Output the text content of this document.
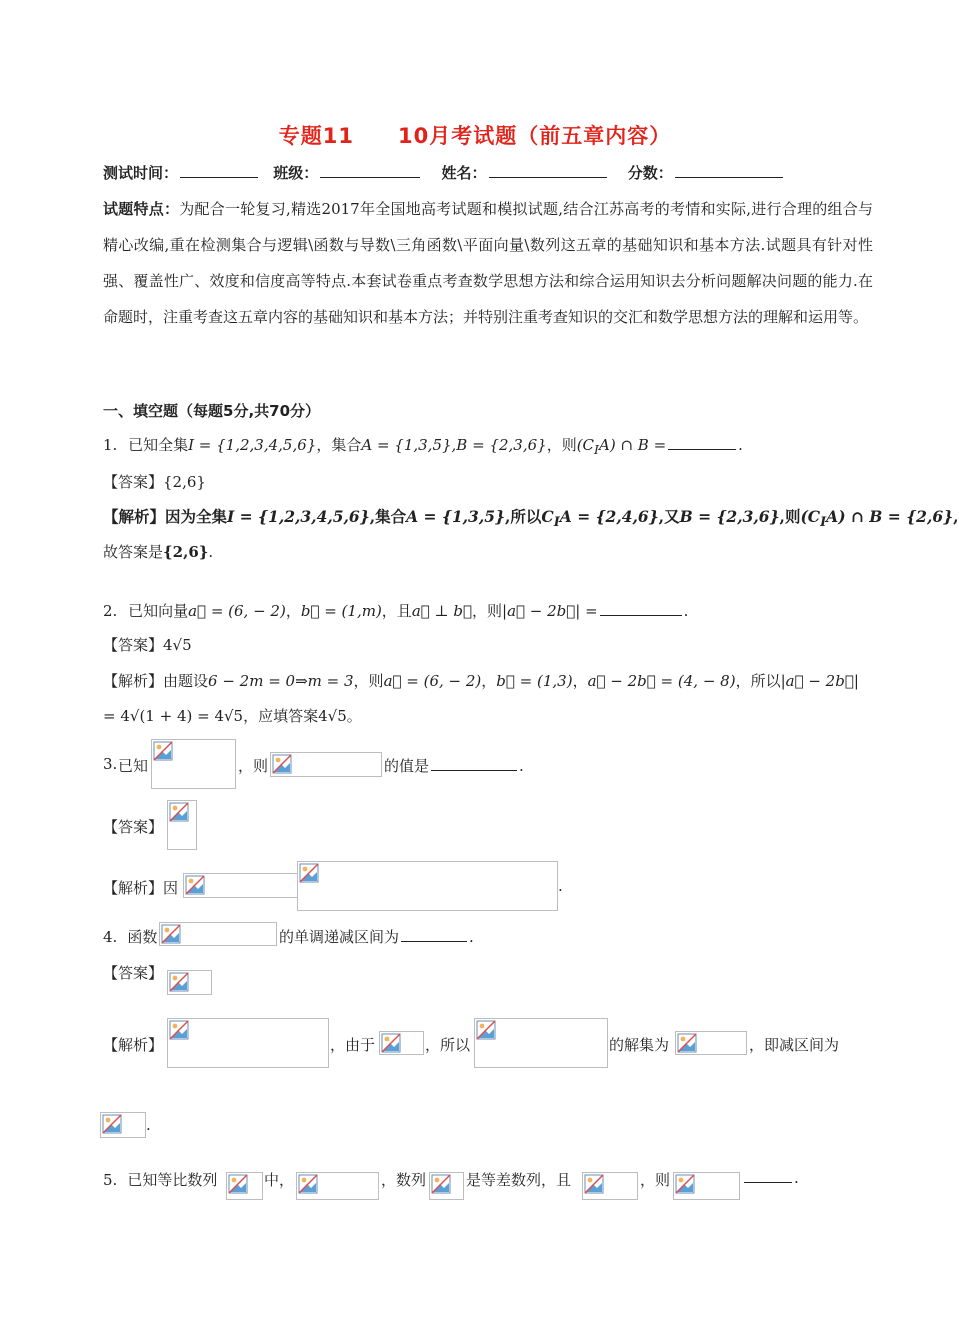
专题11　　10月考试题（前五章内容）
测试时间：	班级：	姓名：	分数：
试题特点：为配合一轮复习,精选2017年全国地高考试题和模拟试题,结合江苏高考的考情和实际,进行合理的组合与精心改编,重在检测集合与逻辑\函数与导数\三角函数\平面向量\数列这五章的基础知识和基本方法.试题具有针对性强、覆盖性广、效度和信度高等特点.本套试卷重点考查数学思想方法和综合运用知识去分析问题解决问题的能力.在命题时，注重考查这五章内容的基础知识和基本方法；并特别注重考查知识的交汇和数学思想方法的理解和运用等。
一、填空题（每题5分,共70分）
1. 已知全集I = {1,2,3,4,5,6}，集合A = {1,3,5},B = {2,3,6}，则$(C_IA)$ ∩ B =	.
【答案】{2,6}
【解析】因为全集I = {1,2,3,4,5,6},集合A = {1,3,5},所以$C_IA = \{2,4,6\}$,又B = {2,3,6},则$(C_IA)$ ∩ B = {2,6},
故答案是{2,6}.
2. 已知向量a⃗ = (6, − 2)，b⃗ = (1,m)，且a⃗ ⊥ b⃗，则|a⃗ − 2b⃗| =	.
【答案】4√5
【解析】由题设6 − 2m = 0⇒m = 3，则a⃗ = (6, − 2)，b⃗ = (1,3)，a⃗ − 2b⃗ = (4, − 8)，所以|a⃗ − 2b⃗|
= 4√(1 + 4) = 4√5，应填答案4√5。
3. 已知	，则	的值是	.
【答案】
【解析】因	.
4. 函数	的单调递减区间为	.
【答案】
【解析】	，由于	，所以	的解集为	，即减区间为
.
5. 已知等比数列	中，	，数列	是等差数列，且	，则	.
